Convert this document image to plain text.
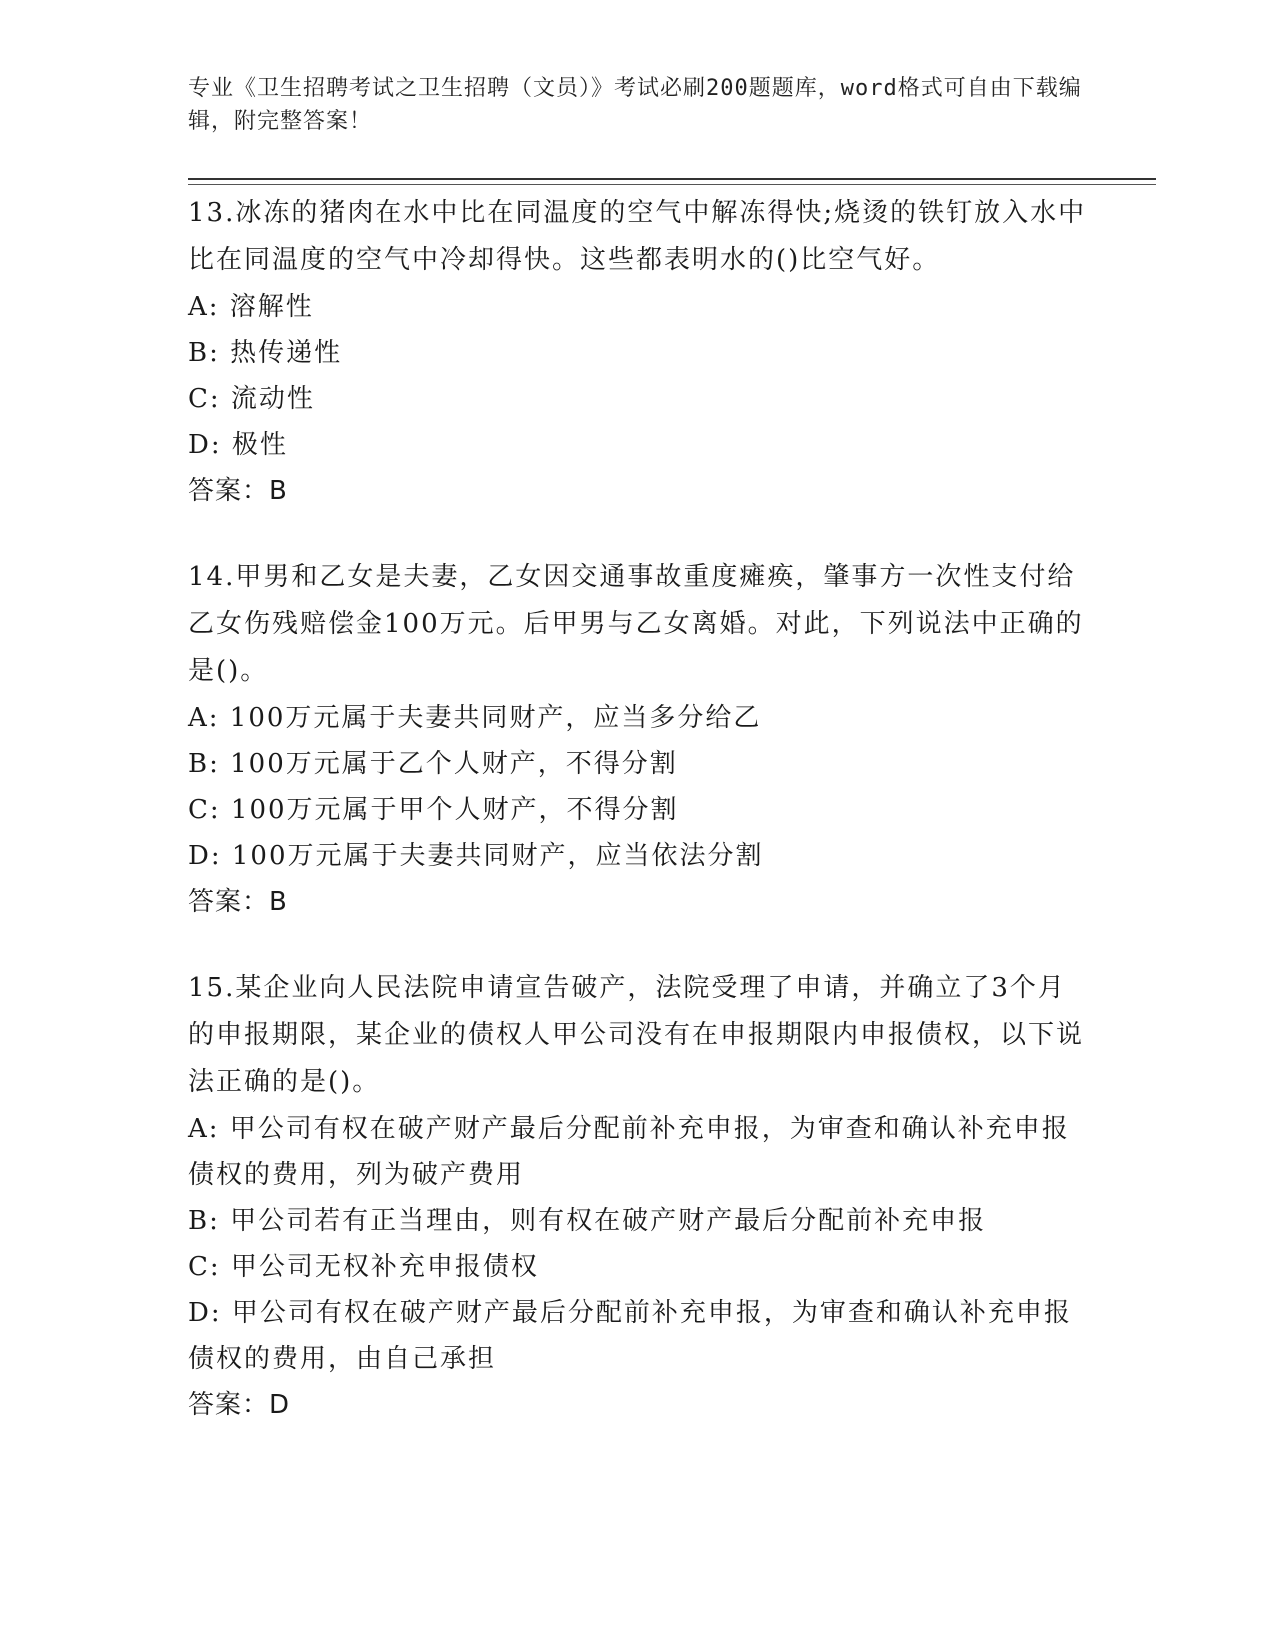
专业《卫生招聘考试之卫生招聘（文员）》考试必刷200题题库，word格式可自由下载编辑，附完整答案！

13.冰冻的猪肉在水中比在同温度的空气中解冻得快;烧烫的铁钉放入水中比在同温度的空气中冷却得快。这些都表明水的()比空气好。

A: 溶解性

B: 热传递性

C: 流动性

D: 极性

答案：B

14.甲男和乙女是夫妻，乙女因交通事故重度瘫痪，肇事方一次性支付给乙女伤残赔偿金100万元。后甲男与乙女离婚。对此，下列说法中正确的是()。

A: 100万元属于夫妻共同财产，应当多分给乙

B: 100万元属于乙个人财产，不得分割

C: 100万元属于甲个人财产，不得分割

D: 100万元属于夫妻共同财产，应当依法分割

答案：B

15.某企业向人民法院申请宣告破产，法院受理了申请，并确立了3个月的申报期限，某企业的债权人甲公司没有在申报期限内申报债权，以下说法正确的是()。

A: 甲公司有权在破产财产最后分配前补充申报，为审查和确认补充申报债权的费用，列为破产费用

B: 甲公司若有正当理由，则有权在破产财产最后分配前补充申报

C: 甲公司无权补充申报债权

D: 甲公司有权在破产财产最后分配前补充申报，为审查和确认补充申报债权的费用，由自己承担

答案：D
